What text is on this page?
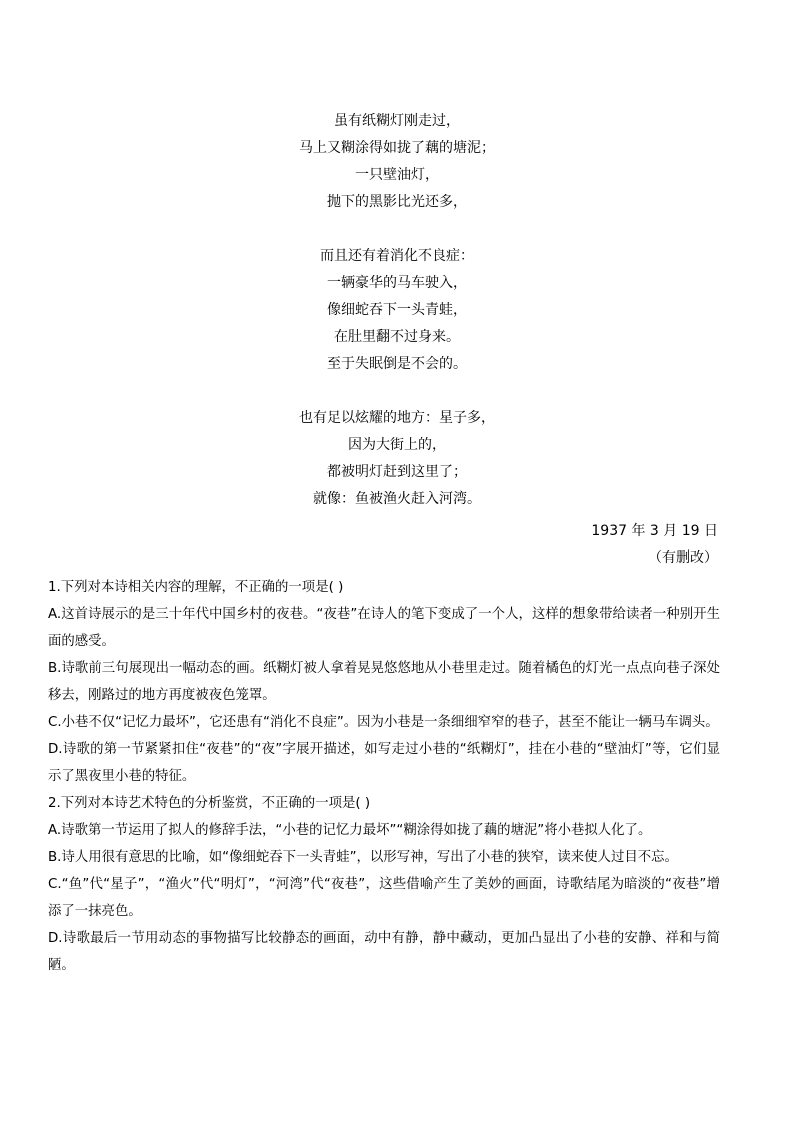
虽有纸糊灯刚走过，
马上又糊涂得如拢了藕的塘泥；
一只壁油灯，
抛下的黑影比光还多，
而且还有着消化不良症：
一辆豪华的马车驶入，
像细蛇吞下一头青蛙，
在肚里翻不过身来。
至于失眠倒是不会的。
也有足以炫耀的地方：星子多，
因为大街上的，
都被明灯赶到这里了；
就像：鱼被渔火赶入河湾。
1937 年 3 月 19 日
（有删改）

1.下列对本诗相关内容的理解，不正确的一项是( )

A.这首诗展示的是三十年代中国乡村的夜巷。“夜巷”在诗人的笔下变成了一个人，这样的想象带给读者一种别开生面的感受。

B.诗歌前三句展现出一幅动态的画。纸糊灯被人拿着晃晃悠悠地从小巷里走过。随着橘色的灯光一点点向巷子深处移去，刚路过的地方再度被夜色笼罩。

C.小巷不仅“记忆力最坏”，它还患有“消化不良症”。因为小巷是一条细细窄窄的巷子，甚至不能让一辆马车调头。

D.诗歌的第一节紧紧扣住“夜巷”的“夜”字展开描述，如写走过小巷的“纸糊灯”，挂在小巷的“壁油灯”等，它们显示了黑夜里小巷的特征。

2.下列对本诗艺术特色的分析鉴赏，不正确的一项是( )

A.诗歌第一节运用了拟人的修辞手法，“小巷的记忆力最坏”“糊涂得如拢了藕的塘泥”将小巷拟人化了。

B.诗人用很有意思的比喻，如“像细蛇吞下一头青蛙”，以形写神，写出了小巷的狭窄，读来使人过目不忘。

C.“鱼”代“星子”，“渔火”代“明灯”，“河湾”代“夜巷”，这些借喻产生了美妙的画面，诗歌结尾为暗淡的“夜巷”增添了一抹亮色。

D.诗歌最后一节用动态的事物描写比较静态的画面，动中有静，静中藏动，更加凸显出了小巷的安静、祥和与简陋。
